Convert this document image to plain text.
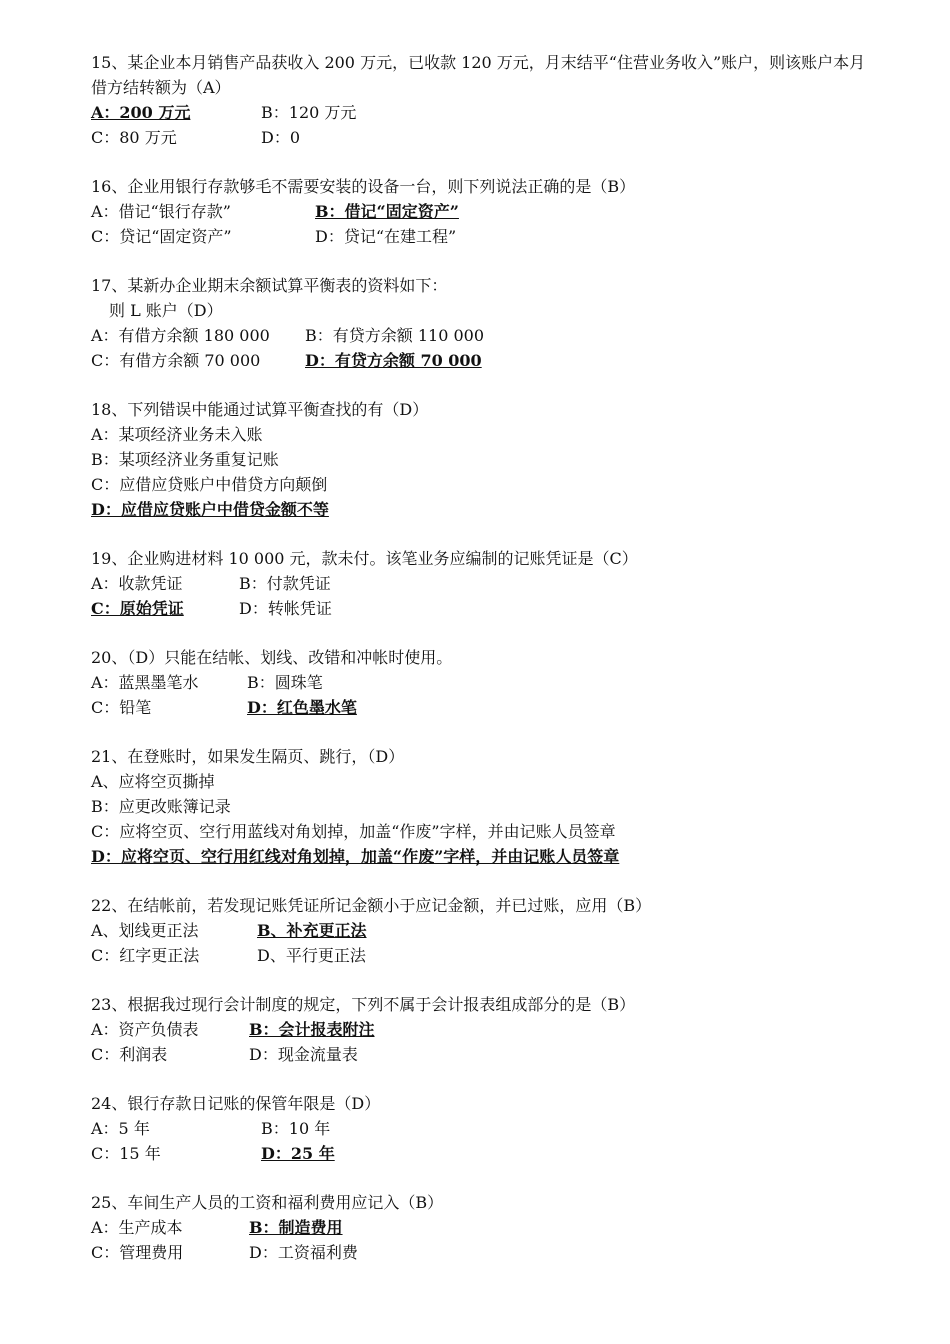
15、某企业本月销售产品获收入 200 万元，已收款 120 万元，月末结平“住营业务收入”账户，则该账户本月借方结转额为（A）
A：200 万元	B：120 万元
C：80 万元	D：0
16、企业用银行存款够毛不需要安装的设备一台，则下列说法正确的是（B）
A：借记“银行存款”	B：借记“固定资产”
C：贷记“固定资产”	D：贷记“在建工程”
17、某新办企业期末余额试算平衡表的资料如下：
则 L 账户（D）
A：有借方余额 180 000 B：有贷方余额 110 000
C：有借方余额 70 000	D：有贷方余额 70 000
18、下列错误中能通过试算平衡查找的有（D）
A：某项经济业务未入账
B：某项经济业务重复记账
C：应借应贷账户中借贷方向颠倒
D：应借应贷账户中借贷金额不等
19、企业购进材料 10 000 元，款未付。该笔业务应编制的记账凭证是（C）
A：收款凭证	B：付款凭证
C：原始凭证	D：转帐凭证
20、（D）只能在结帐、划线、改错和冲帐时使用。
A：蓝黑墨笔水	B：圆珠笔
C：铅笔	D：红色墨水笔
21、在登账时，如果发生隔页、跳行，（D）
A、应将空页撕掉
B：应更改账簿记录
C：应将空页、空行用蓝线对角划掉，加盖“作废”字样，并由记账人员签章
D：应将空页、空行用红线对角划掉，加盖“作废”字样，并由记账人员签章
22、在结帐前，若发现记账凭证所记金额小于应记金额，并已过账，应用（B）
A、划线更正法	B、补充更正法
C：红字更正法	D、平行更正法
23、根据我过现行会计制度的规定，下列不属于会计报表组成部分的是（B）
A：资产负债表	B：会计报表附注
C：利润表	D：现金流量表
24、银行存款日记账的保管年限是（D）
A：5 年	B：10 年
C：15 年	D：25 年
25、车间生产人员的工资和福利费用应记入（B）
A：生产成本	B：制造费用
C：管理费用	D：工资福利费
